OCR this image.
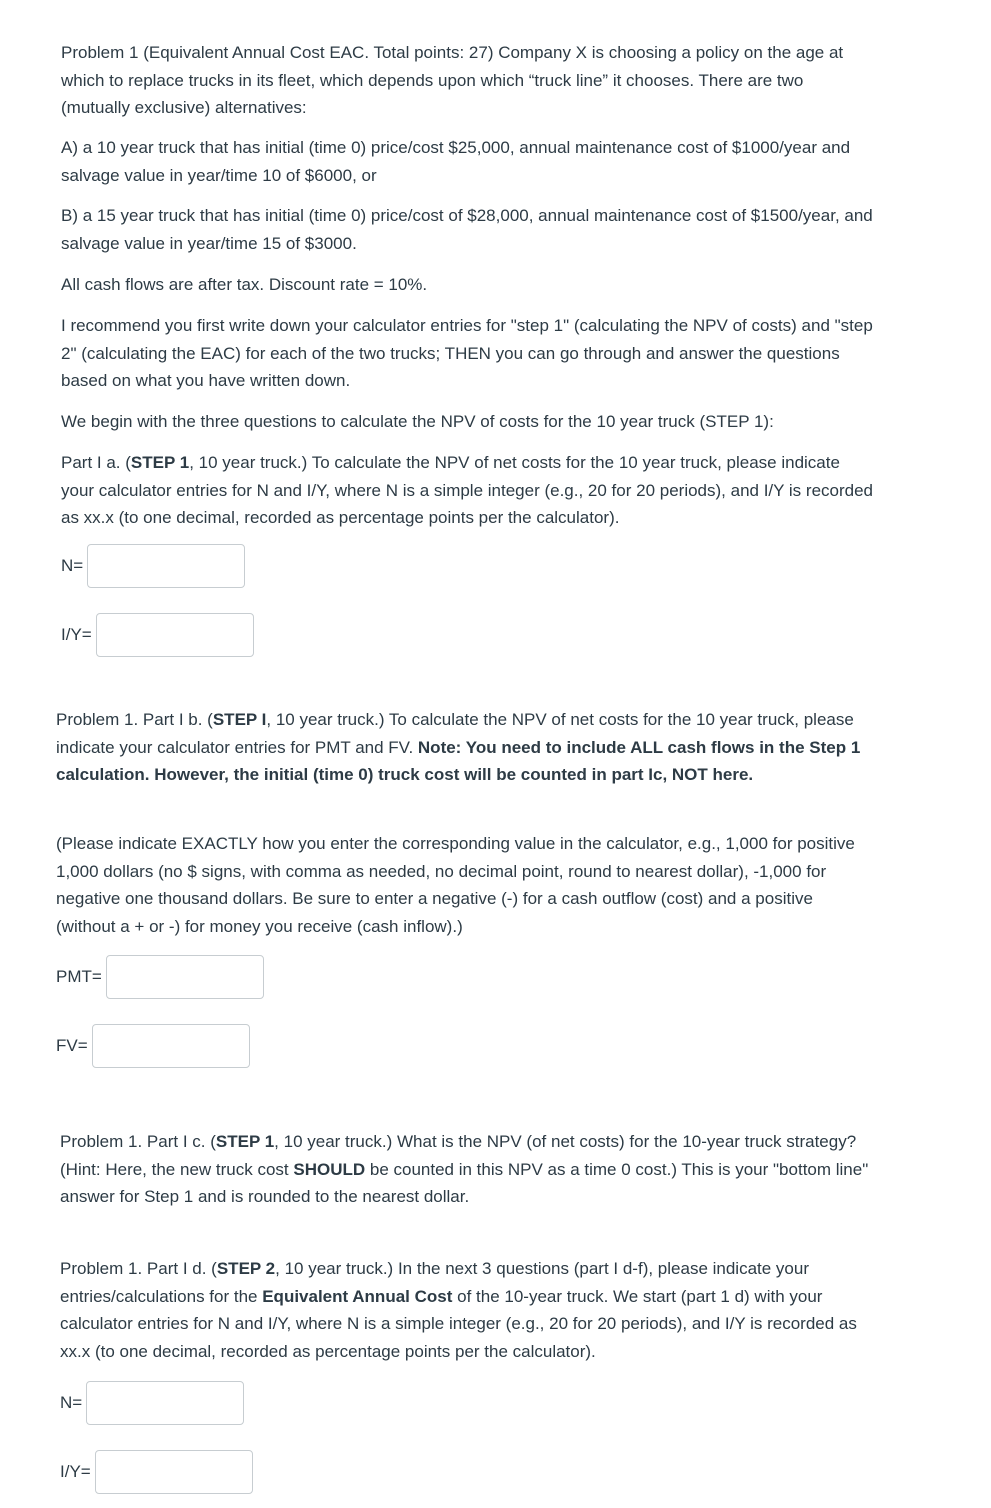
Problem 1 (Equivalent Annual Cost EAC. Total points: 27) Company X is choosing a policy on the age at which to replace trucks in its fleet, which depends upon which “truck line” it chooses. There are two (mutually exclusive) alternatives:

A) a 10 year truck that has initial (time 0) price/cost $25,000, annual maintenance cost of $1000/year and salvage value in year/time 10 of $6000, or

B) a 15 year truck that has initial (time 0) price/cost of $28,000, annual maintenance cost of $1500/year, and salvage value in year/time 15 of $3000.

All cash flows are after tax. Discount rate = 10%.

I recommend you first write down your calculator entries for "step 1" (calculating the NPV of costs) and "step 2" (calculating the EAC) for each of the two trucks; THEN you can go through and answer the questions based on what you have written down.

We begin with the three questions to calculate the NPV of costs for the 10 year truck (STEP 1):

Part I a. (STEP 1, 10 year truck.) To calculate the NPV of net costs for the 10 year truck, please indicate your calculator entries for N and I/Y, where N is a simple integer (e.g., 20 for 20 periods), and I/Y is recorded as xx.x (to one decimal, recorded as percentage points per the calculator).

N=
I/Y=

Problem 1. Part I b. (STEP I, 10 year truck.) To calculate the NPV of net costs for the 10 year truck, please indicate your calculator entries for PMT and FV. Note: You need to include ALL cash flows in the Step 1 calculation. However, the initial (time 0) truck cost will be counted in part Ic, NOT here.

(Please indicate EXACTLY how you enter the corresponding value in the calculator, e.g., 1,000 for positive 1,000 dollars (no $ signs, with comma as needed, no decimal point, round to nearest dollar), -1,000 for negative one thousand dollars. Be sure to enter a negative (-) for a cash outflow (cost) and a positive (without a + or -) for money you receive (cash inflow).)

PMT=
FV=

Problem 1. Part I c. (STEP 1, 10 year truck.) What is the NPV (of net costs) for the 10-year truck strategy? (Hint: Here, the new truck cost SHOULD be counted in this NPV as a time 0 cost.) This is your "bottom line" answer for Step 1 and is rounded to the nearest dollar.

Problem 1. Part I d. (STEP 2, 10 year truck.) In the next 3 questions (part I d-f), please indicate your entries/calculations for the Equivalent Annual Cost of the 10-year truck. We start (part 1 d) with your calculator entries for N and I/Y, where N is a simple integer (e.g., 20 for 20 periods), and I/Y is recorded as xx.x (to one decimal, recorded as percentage points per the calculator).

N=
I/Y=
